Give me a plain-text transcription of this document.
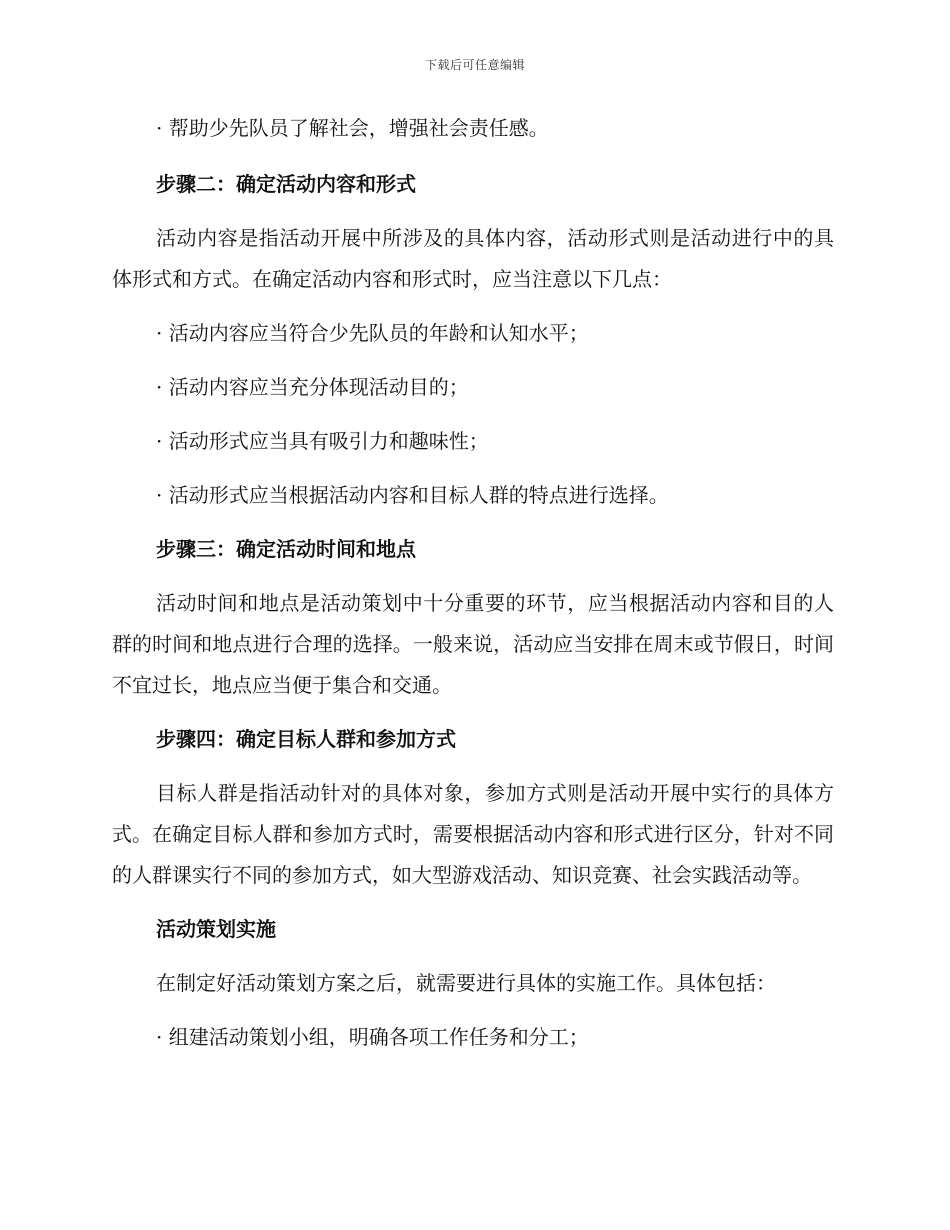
下载后可任意编辑

· 帮助少先队员了解社会，增强社会责任感。

步骤二：确定活动内容和形式

活动内容是指活动开展中所涉及的具体内容，活动形式则是活动进行中的具体形式和方式。在确定活动内容和形式时，应当注意以下几点：

· 活动内容应当符合少先队员的年龄和认知水平；

· 活动内容应当充分体现活动目的；

· 活动形式应当具有吸引力和趣味性；

· 活动形式应当根据活动内容和目标人群的特点进行选择。

步骤三：确定活动时间和地点

活动时间和地点是活动策划中十分重要的环节，应当根据活动内容和目的人群的时间和地点进行合理的选择。一般来说，活动应当安排在周末或节假日，时间不宜过长，地点应当便于集合和交通。

步骤四：确定目标人群和参加方式

目标人群是指活动针对的具体对象，参加方式则是活动开展中实行的具体方式。在确定目标人群和参加方式时，需要根据活动内容和形式进行区分，针对不同的人群课实行不同的参加方式，如大型游戏活动、知识竞赛、社会实践活动等。

活动策划实施

在制定好活动策划方案之后，就需要进行具体的实施工作。具体包括：

· 组建活动策划小组，明确各项工作任务和分工；
